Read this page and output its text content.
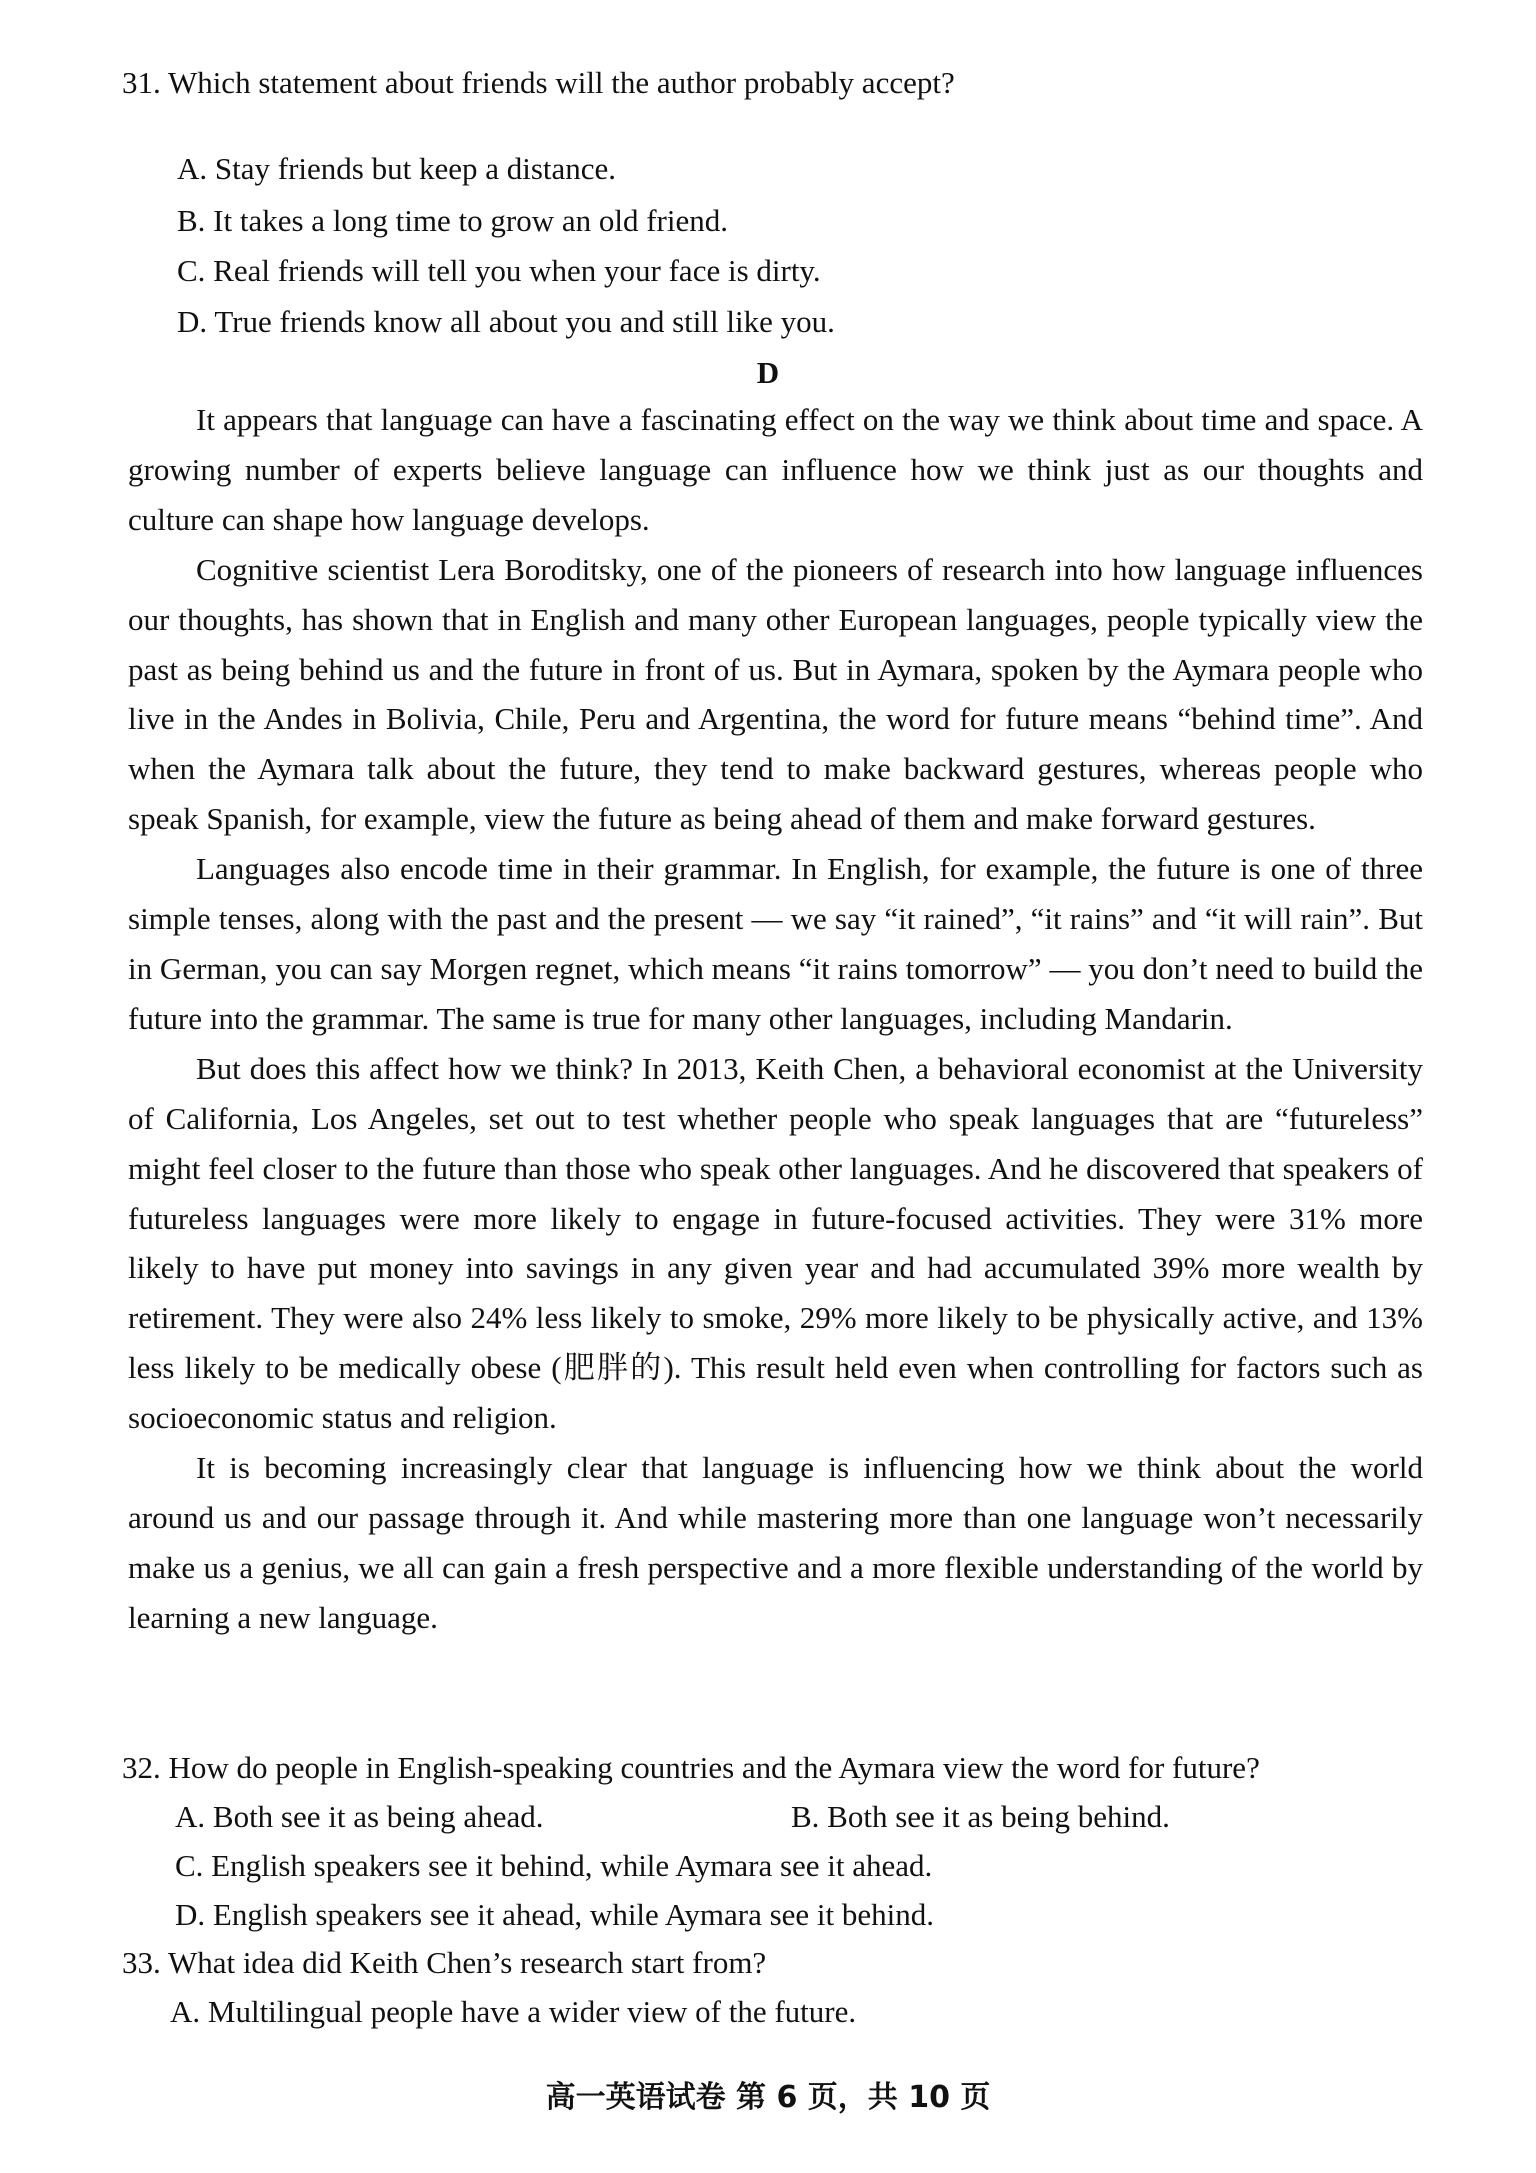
31. Which statement about friends will the author probably accept?
A. Stay friends but keep a distance.
B. It takes a long time to grow an old friend.
C. Real friends will tell you when your face is dirty.
D. True friends know all about you and still like you.
D

It appears that language can have a fascinating effect on the way we think about time and space. A growing number of experts believe language can influence how we think just as our thoughts and culture can shape how language develops.

Cognitive scientist Lera Boroditsky, one of the pioneers of research into how language influences our thoughts, has shown that in English and many other European languages, people typically view the past as being behind us and the future in front of us. But in Aymara, spoken by the Aymara people who live in the Andes in Bolivia, Chile, Peru and Argentina, the word for future means “behind time”. And when the Aymara talk about the future, they tend to make backward gestures, whereas people who speak Spanish, for example, view the future as being ahead of them and make forward gestures.

Languages also encode time in their grammar. In English, for example, the future is one of three simple tenses, along with the past and the present — we say “it rained”, “it rains” and “it will rain”. But in German, you can say Morgen regnet, which means “it rains tomorrow” — you don’t need to build the future into the grammar. The same is true for many other languages, including Mandarin.

But does this affect how we think? In 2013, Keith Chen, a behavioral economist at the University of California, Los Angeles, set out to test whether people who speak languages that are “futureless” might feel closer to the future than those who speak other languages. And he discovered that speakers of futureless languages were more likely to engage in future-focused activities. They were 31% more likely to have put money into savings in any given year and had accumulated 39% more wealth by retirement. They were also 24% less likely to smoke, 29% more likely to be physically active, and 13% less likely to be medically obese (肥胖的). This result held even when controlling for factors such as socioeconomic status and religion.

It is becoming increasingly clear that language is influencing how we think about the world around us and our passage through it. And while mastering more than one language won’t necessarily make us a genius, we all can gain a fresh perspective and a more flexible understanding of the world by learning a new language.

32. How do people in English-speaking countries and the Aymara view the word for future?
A. Both see it as being ahead.	B. Both see it as being behind.
C. English speakers see it behind, while Aymara see it ahead.
D. English speakers see it ahead, while Aymara see it behind.
33. What idea did Keith Chen’s research start from?
A. Multilingual people have a wider view of the future.
高一英语试卷 第 6 页，共 10 页
